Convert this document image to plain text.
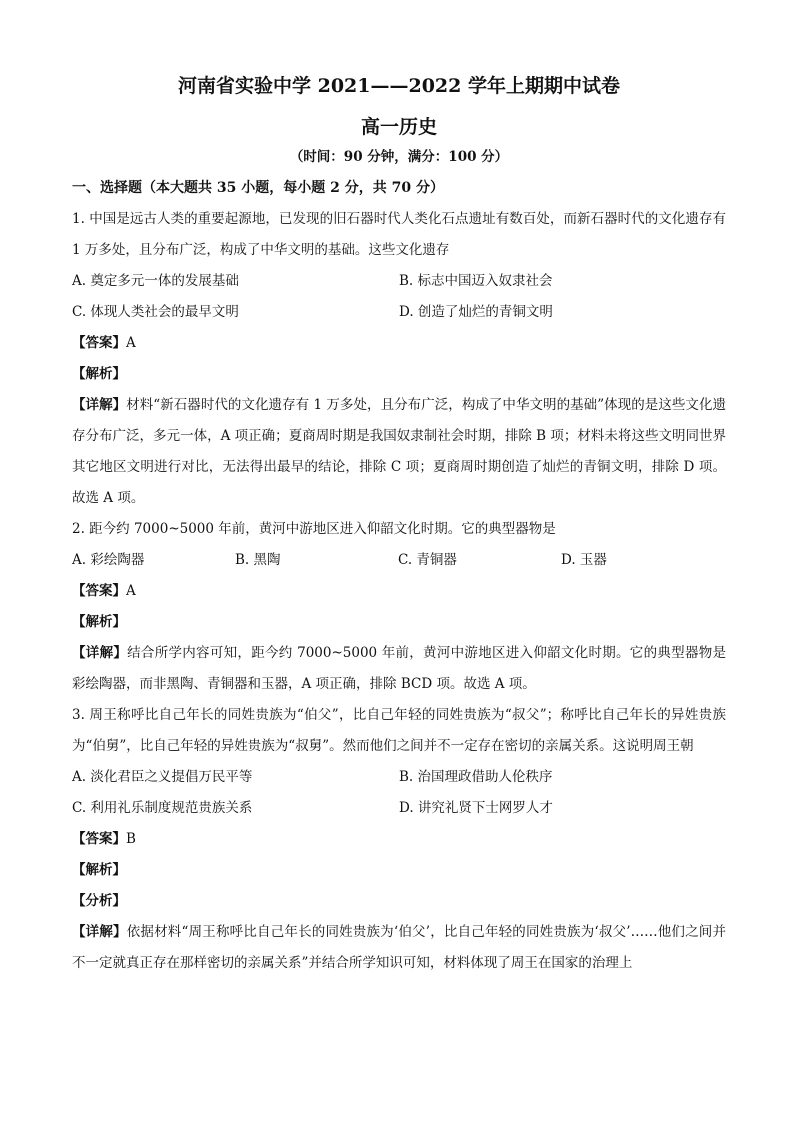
河南省实验中学 2021——2022 学年上期期中试卷
高一历史
（时间：90 分钟，满分：100 分）
一、选择题（本大题共 35 小题，每小题 2 分，共 70 分）

1. 中国是远古人类的重要起源地，已发现的旧石器时代人类化石点遗址有数百处，而新石器时代的文化遗存有 1 万多处，且分布广泛，构成了中华文明的基础。这些文化遗存

A. 奠定多元一体的发展基础	B. 标志中国迈入奴隶社会
C. 体现人类社会的最早文明	D. 创造了灿烂的青铜文明
【答案】A
【解析】

【详解】材料“新石器时代的文化遗存有 1 万多处，且分布广泛，构成了中华文明的基础”体现的是这些文化遗存分布广泛，多元一体，A 项正确；夏商周时期是我国奴隶制社会时期，排除 B 项；材料未将这些文明同世界其它地区文明进行对比，无法得出最早的结论，排除 C 项；夏商周时期创造了灿烂的青铜文明，排除 D 项。故选 A 项。

2. 距今约 7000~5000 年前，黄河中游地区进入仰韶文化时期。它的典型器物是

A. 彩绘陶器	B. 黑陶	C. 青铜器	D. 玉器
【答案】A
【解析】

【详解】结合所学内容可知，距今约 7000~5000 年前，黄河中游地区进入仰韶文化时期。它的典型器物是彩绘陶器，而非黑陶、青铜器和玉器，A 项正确，排除 BCD 项。故选 A 项。

3. 周王称呼比自己年长的同姓贵族为“伯父”，比自己年轻的同姓贵族为“叔父”；称呼比自己年长的异姓贵族为“伯舅”，比自己年轻的异姓贵族为“叔舅”。然而他们之间并不一定存在密切的亲属关系。这说明周王朝

A. 淡化君臣之义提倡万民平等	B. 治国理政借助人伦秩序
C. 利用礼乐制度规范贵族关系	D. 讲究礼贤下士网罗人才
【答案】B
【解析】
【分析】

【详解】依据材料“周王称呼比自己年长的同姓贵族为‘伯父’，比自己年轻的同姓贵族为‘叔父’……他们之间并不一定就真正存在那样密切的亲属关系”并结合所学知识可知，材料体现了周王在国家的治理上
